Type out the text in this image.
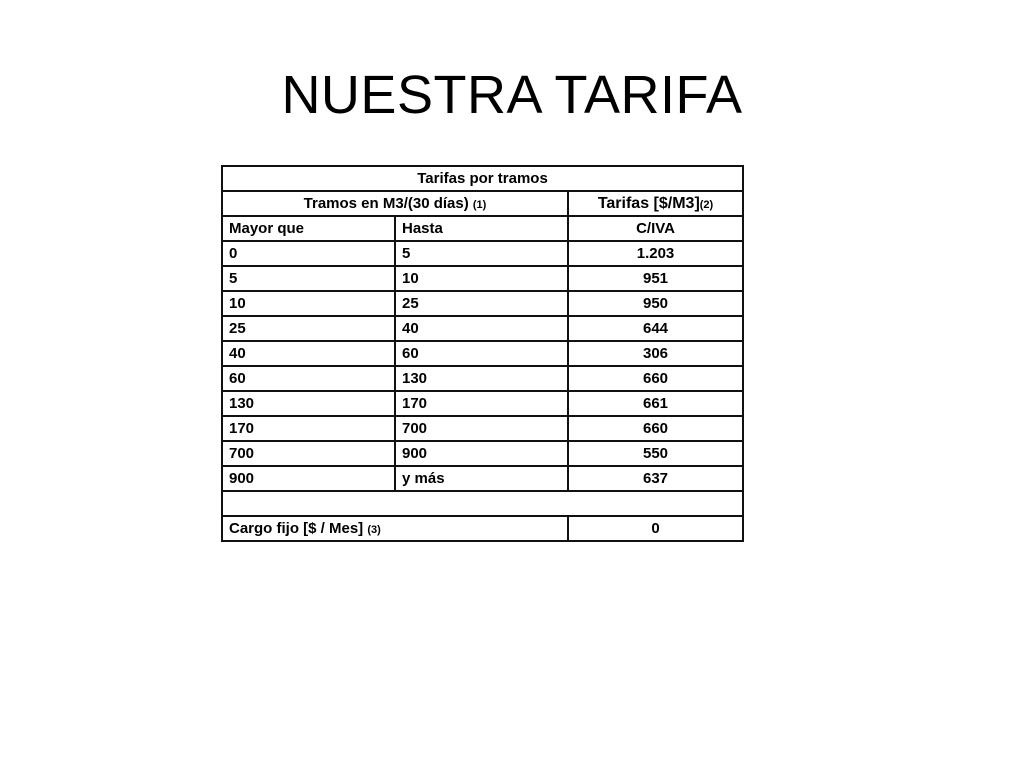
NUESTRA TARIFA
Tarifas por tramos		
Tramos en M3/(30 días) (1)		Tarifas [$/M3](2)
Mayor que	Hasta	C/IVA
0	5	1.203
5	10	951
10	25	950
25	40	644
40	60	306
60	130	660
130	170	661
170	700	660
700	900	550
900	y más	637

Cargo fijo [$ / Mes] (3)		0
